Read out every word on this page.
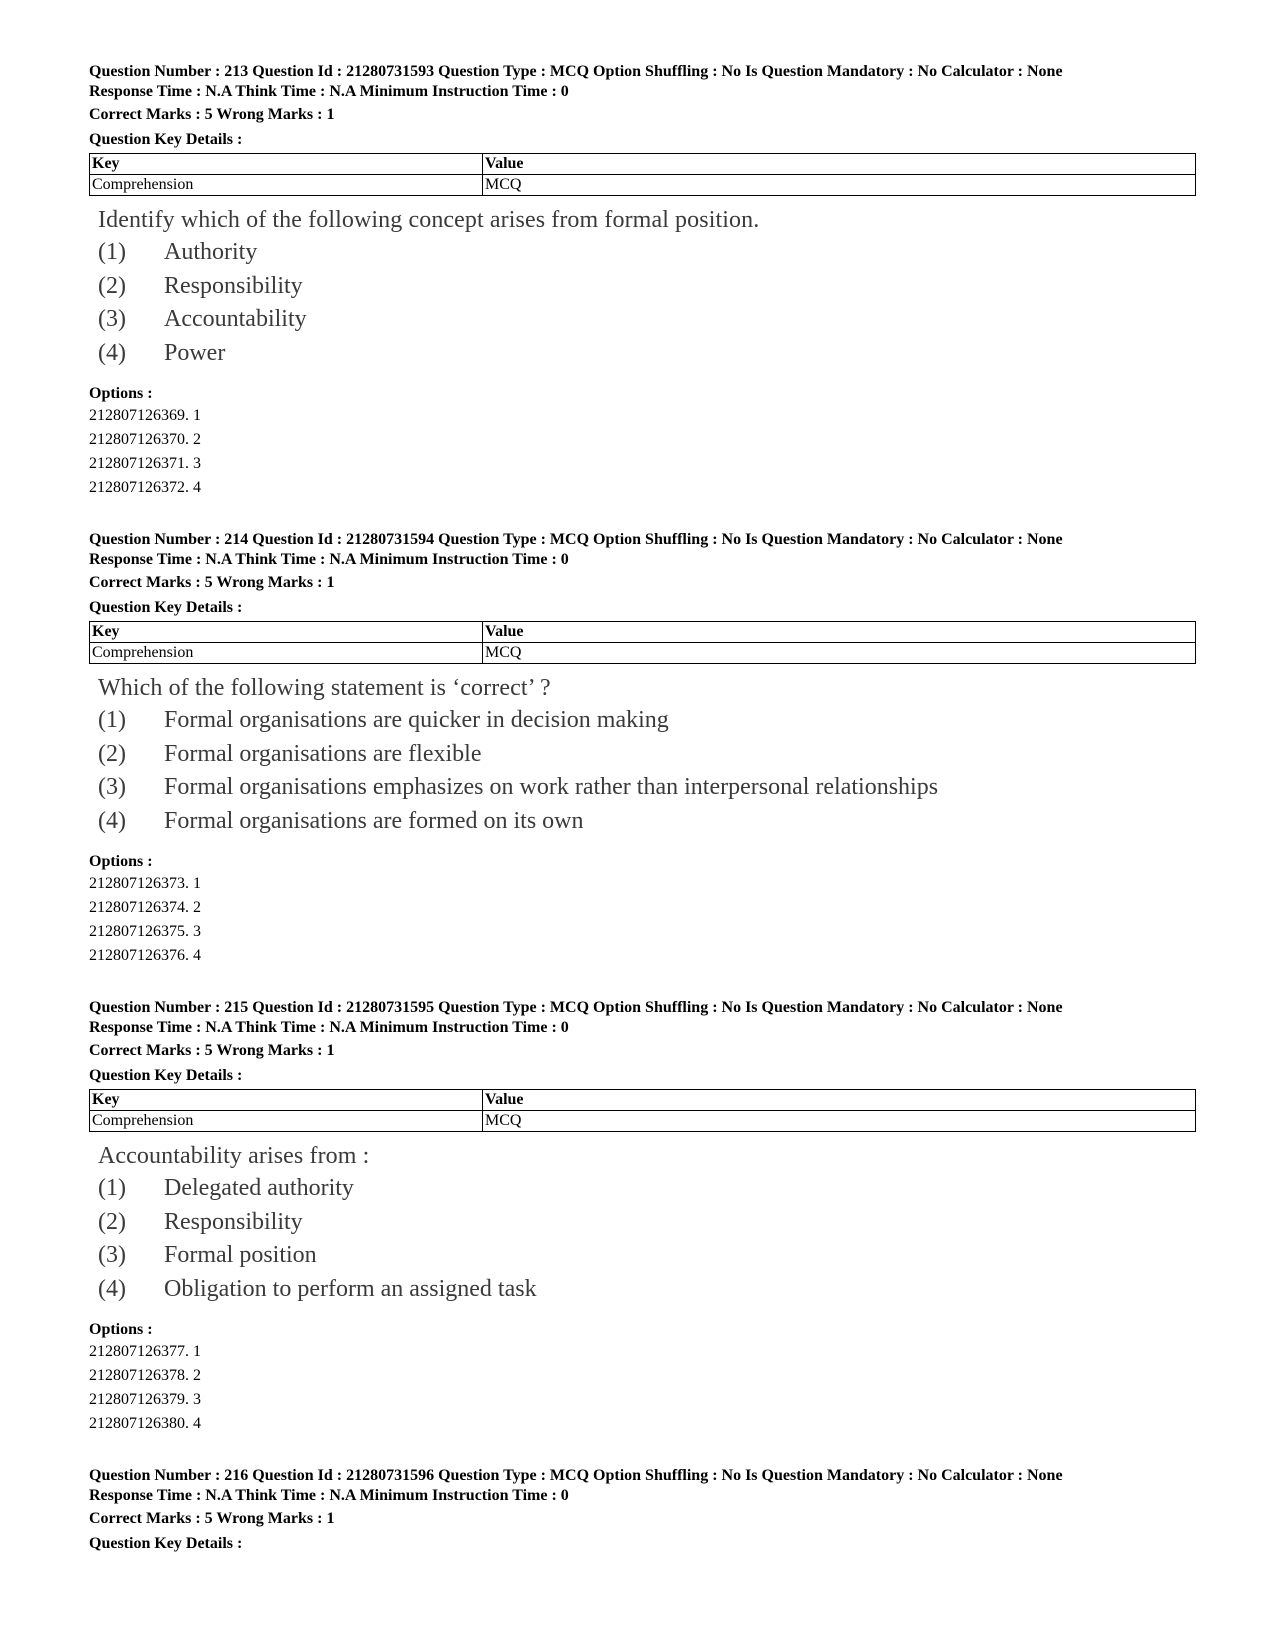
Question Number : 213 Question Id : 21280731593 Question Type : MCQ Option Shuffling : No Is Question Mandatory : No Calculator : None

Response Time : N.A Think Time : N.A Minimum Instruction Time : 0

Correct Marks : 5 Wrong Marks : 1

Question Key Details :

Key	Value
Comprehension	MCQ
Identify which of the following concept arises from formal position.
(1)	Authority
(2)	Responsibility
(3)	Accountability
(4)	Power
Options :
212807126369. 1
212807126370. 2
212807126371. 3
212807126372. 4

Question Number : 214 Question Id : 21280731594 Question Type : MCQ Option Shuffling : No Is Question Mandatory : No Calculator : None

Response Time : N.A Think Time : N.A Minimum Instruction Time : 0

Correct Marks : 5 Wrong Marks : 1

Question Key Details :

Key	Value
Comprehension	MCQ
Which of the following statement is ‘correct’ ?
(1)	Formal organisations are quicker in decision making
(2)	Formal organisations are flexible
(3)	Formal organisations emphasizes on work rather than interpersonal relationships
(4)	Formal organisations are formed on its own
Options :
212807126373. 1
212807126374. 2
212807126375. 3
212807126376. 4

Question Number : 215 Question Id : 21280731595 Question Type : MCQ Option Shuffling : No Is Question Mandatory : No Calculator : None

Response Time : N.A Think Time : N.A Minimum Instruction Time : 0

Correct Marks : 5 Wrong Marks : 1

Question Key Details :

Key	Value
Comprehension	MCQ
Accountability arises from :
(1)	Delegated authority
(2)	Responsibility
(3)	Formal position
(4)	Obligation to perform an assigned task
Options :
212807126377. 1
212807126378. 2
212807126379. 3
212807126380. 4

Question Number : 216 Question Id : 21280731596 Question Type : MCQ Option Shuffling : No Is Question Mandatory : No Calculator : None

Response Time : N.A Think Time : N.A Minimum Instruction Time : 0

Correct Marks : 5 Wrong Marks : 1

Question Key Details :
